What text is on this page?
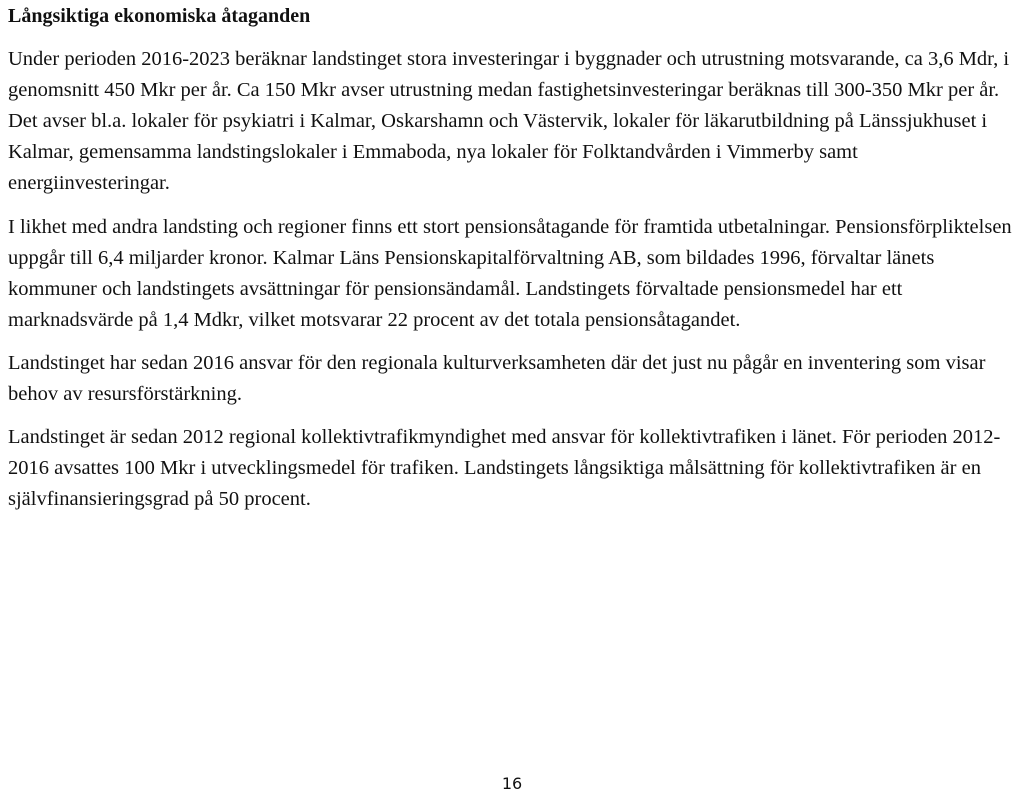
Långsiktiga ekonomiska åtaganden

Under perioden 2016-2023 beräknar landstinget stora investeringar i byggnader och utrustning motsvarande, ca 3,6 Mdr, i genomsnitt 450 Mkr per år. Ca 150 Mkr avser utrustning medan fastighetsinvesteringar beräknas till 300-350 Mkr per år. Det avser bl.a. lokaler för psykiatri i Kalmar, Oskarshamn och Västervik, lokaler för läkarutbildning på Länssjukhuset i Kalmar, gemensamma landstingslokaler i Emmaboda, nya lokaler för Folktandvården i Vimmerby samt energiinvesteringar.

I likhet med andra landsting och regioner finns ett stort pensionsåtagande för framtida utbetalningar. Pensionsförpliktelsen uppgår till 6,4 miljarder kronor. Kalmar Läns Pensionskapitalförvaltning AB, som bildades 1996, förvaltar länets kommuner och landstingets avsättningar för pensionsändamål. Landstingets förvaltade pensionsmedel har ett marknadsvärde på 1,4 Mdkr, vilket motsvarar 22 procent av det totala pensionsåtagandet.

Landstinget har sedan 2016 ansvar för den regionala kulturverksamheten där det just nu pågår en inventering som visar behov av resursförstärkning.

Landstinget är sedan 2012 regional kollektivtrafikmyndighet med ansvar för kollektivtrafiken i länet. För perioden 2012-2016 avsattes 100 Mkr i utvecklingsmedel för trafiken. Landstingets långsiktiga målsättning för kollektivtrafiken är en självfinansieringsgrad på 50 procent.

16
